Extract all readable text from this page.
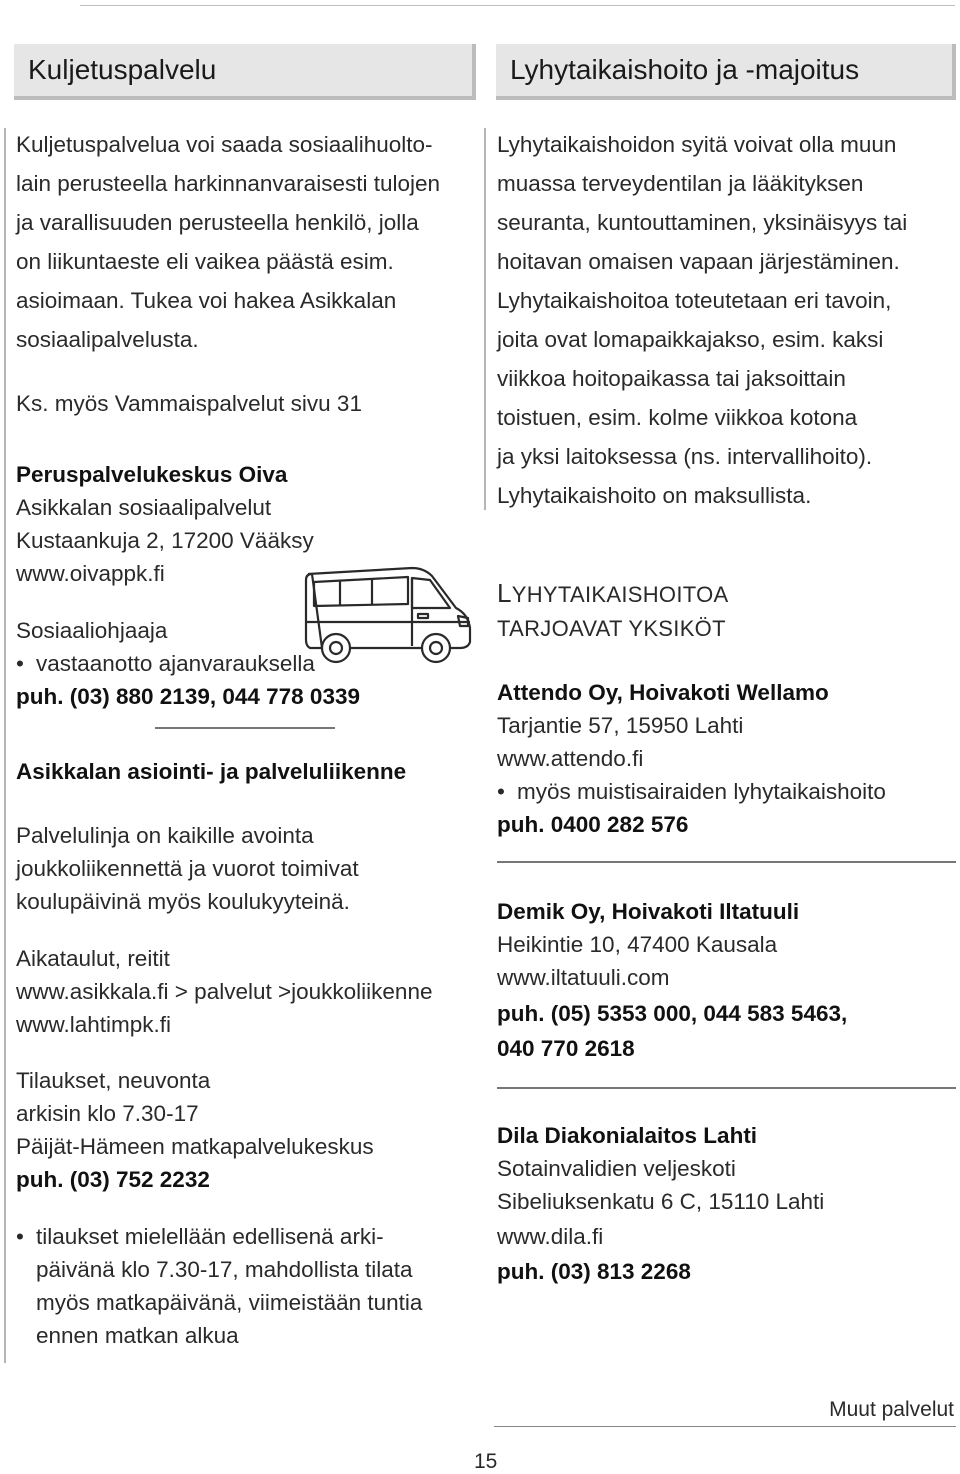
Kuljetuspalvelu
Kuljetuspalvelua voi saada sosiaalihuolto-
lain perusteella harkinnanvaraisesti tulojen
ja varallisuuden perusteella henkilö, jolla
on liikuntaeste eli vaikea päästä esim.
asioimaan. Tukea voi hakea Asikkalan
sosiaalipalvelusta.
Ks. myös Vammaispalvelut sivu 31
Peruspalvelukeskus Oiva
Asikkalan sosiaalipalvelut
Kustaankuja 2, 17200 Vääksy
www.oivappk.fi
Sosiaaliohjaaja
• vastaanotto ajanvarauksella
puh. (03) 880 2139, 044 778 0339
Asikkalan asiointi- ja palveluliikenne
Palvelulinja on kaikille avointa
joukkoliikennettä ja vuorot toimivat
koulupäivinä myös koulukyyteinä.
Aikataulut, reitit
www.asikkala.fi > palvelut >joukkoliikenne
www.lahtimpk.fi
Tilaukset, neuvonta
arkisin klo 7.30-17
Päijät-Hämeen matkapalvelukeskus
puh. (03) 752 2232
• tilaukset mielellään edellisenä arki-
päivänä klo 7.30-17, mahdollista tilata
myös matkapäivänä, viimeistään tuntia
ennen matkan alkua
Lyhytaikaishoito ja -majoitus
Lyhytaikaishoidon syitä voivat olla muun
muassa terveydentilan ja lääkityksen
seuranta, kuntouttaminen, yksinäisyys tai
hoitavan omaisen vapaan järjestäminen.
Lyhytaikaishoitoa toteutetaan eri tavoin,
joita ovat lomapaikkajakso, esim. kaksi
viikkoa hoitopaikassa tai jaksoittain
toistuen, esim. kolme viikkoa kotona
ja yksi laitoksessa (ns. intervallihoito).
Lyhytaikaishoito on maksullista.
LYHYTAIKAISHOITOA
TARJOAVAT YKSIKÖT
Attendo Oy, Hoivakoti Wellamo
Tarjantie 57, 15950 Lahti
www.attendo.fi
• myös muistisairaiden lyhytaikaishoito
puh. 0400 282 576
Demik Oy, Hoivakoti Iltatuuli
Heikintie 10, 47400 Kausala
www.iltatuuli.com
puh. (05) 5353 000, 044 583 5463,
040 770 2618
Dila Diakonialaitos Lahti
Sotainvalidien veljeskoti
Sibeliuksenkatu 6 C, 15110 Lahti
www.dila.fi
puh. (03) 813 2268
Muut palvelut
15
